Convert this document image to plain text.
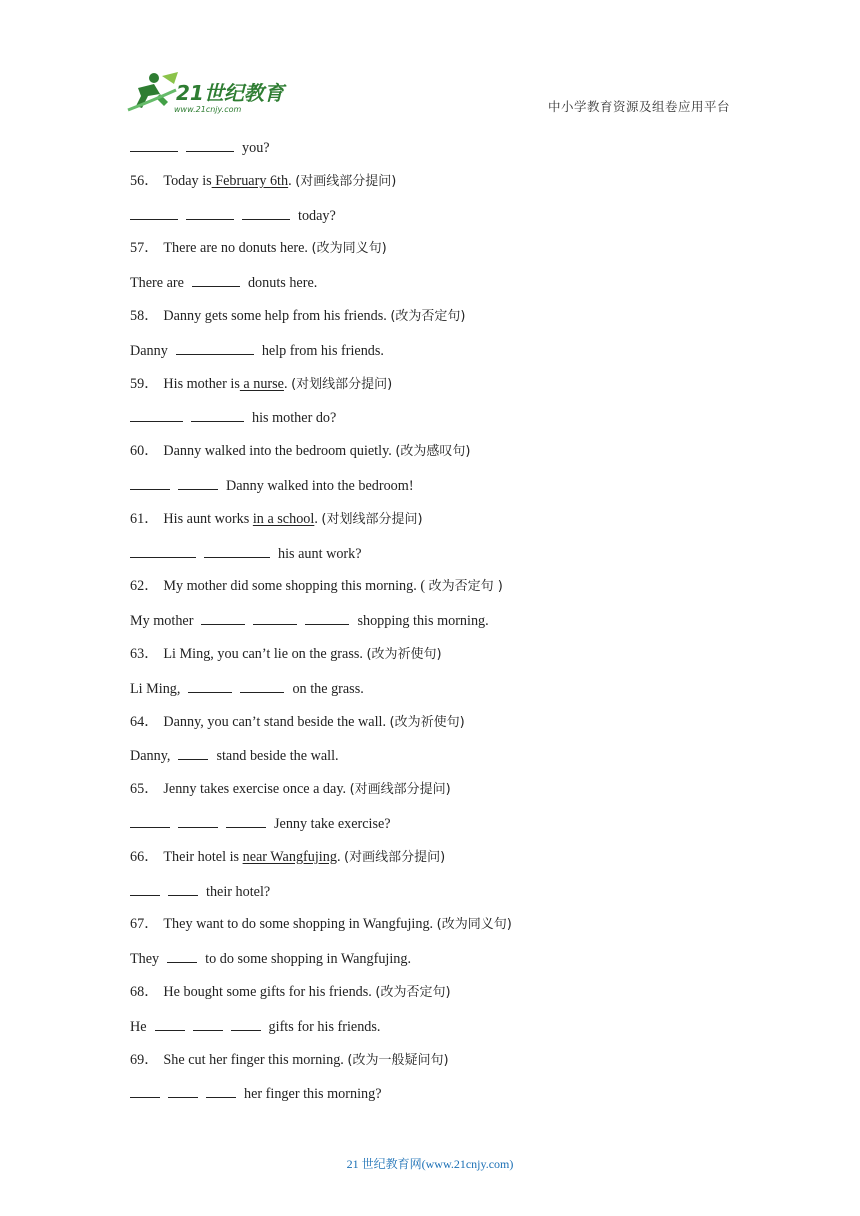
21世纪教育
www.21cnjy.com	中小学教育资源及组卷应用平台
you?
56． Today is February 6th. (对画线部分提问)
today?
57． There are no donuts here. (改为同义句)
There are	donuts here.
58． Danny gets some help from his friends. (改为否定句)
Danny	help from his friends.
59． His mother is a nurse. (对划线部分提问)
his mother do?
60． Danny walked into the bedroom quietly. (改为感叹句)
Danny walked into the bedroom!
61． His aunt works in a school. (对划线部分提问)
his aunt work?
62． My mother did some shopping this morning. ( 改为否定句 )
My mother	shopping this morning.
63． Li Ming, you can’t lie on the grass. (改为祈使句)
Li Ming,	on the grass.
64． Danny, you can’t stand beside the wall. (改为祈使句)
Danny,	stand beside the wall.
65． Jenny takes exercise once a day. (对画线部分提问)
Jenny take exercise?
66． Their hotel is near Wangfujing. (对画线部分提问)
their hotel?
67． They want to do some shopping in Wangfujing. (改为同义句)
They	to do some shopping in Wangfujing.
68． He bought some gifts for his friends. (改为否定句)
He	gifts for his friends.
69． She cut her finger this morning. (改为一般疑问句)
her finger this morning?
21 世纪教育网(www.21cnjy.com)
